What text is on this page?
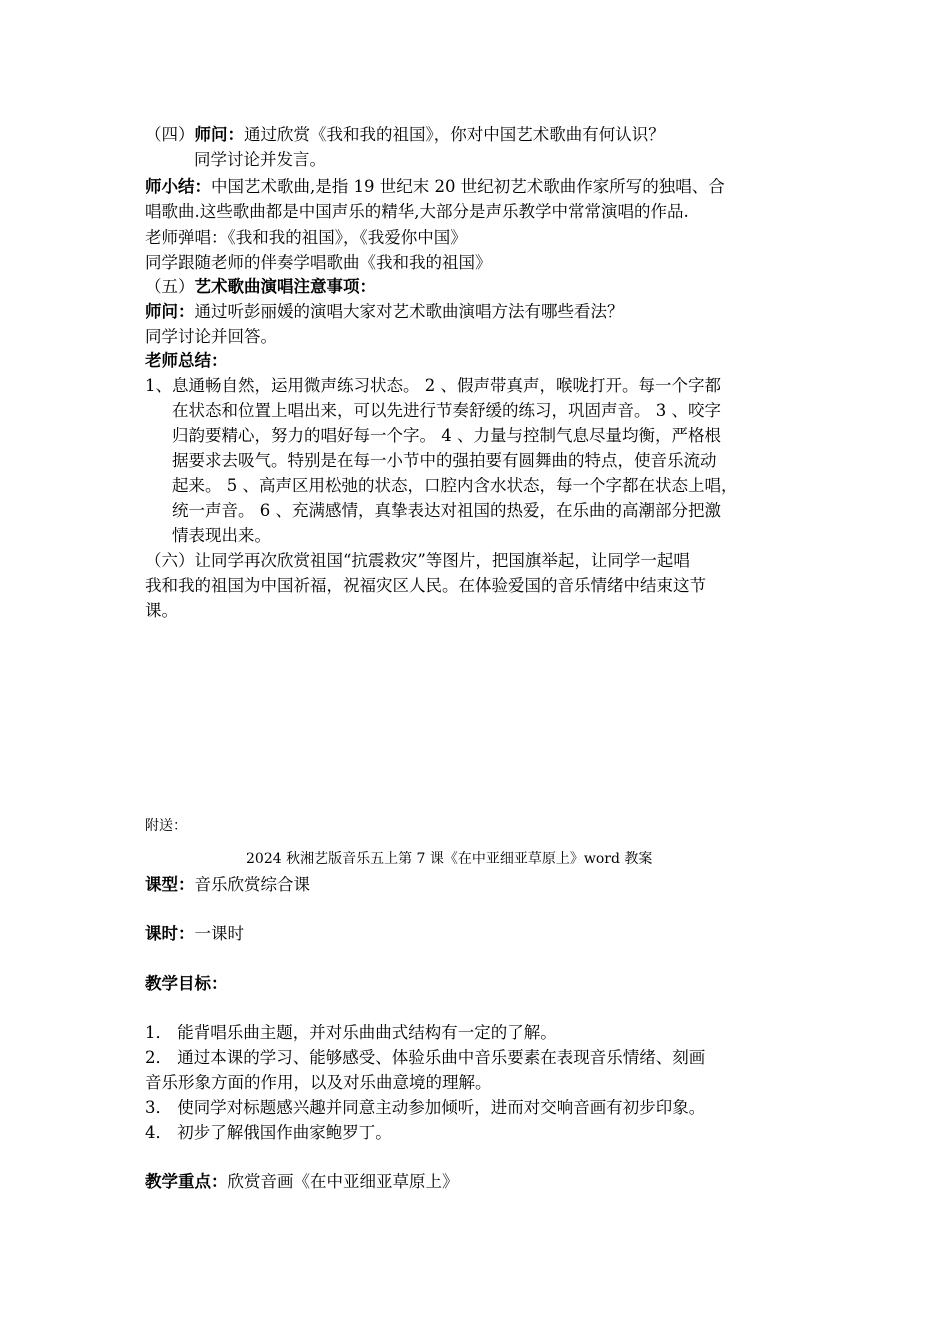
（四）师问：通过欣赏《我和我的祖国》，你对中国艺术歌曲有何认识？
同学讨论并发言。
师小结：中国艺术歌曲,是指 19 世纪末 20 世纪初艺术歌曲作家所写的独唱、合
唱歌曲.这些歌曲都是中国声乐的精华,大部分是声乐教学中常常演唱的作品.
老师弹唱：《我和我的祖国》，《我爱你中国》
同学跟随老师的伴奏学唱歌曲《我和我的祖国》
（五）艺术歌曲演唱注意事项：
师问：通过听彭丽媛的演唱大家对艺术歌曲演唱方法有哪些看法？
同学讨论并回答。
老师总结：
1、息通畅自然，运用微声练习状态。 2 、假声带真声，喉咙打开。每一个字都
在状态和位置上唱出来，可以先进行节奏舒缓的练习，巩固声音。 3 、咬字
归韵要精心，努力的唱好每一个字。 4 、力量与控制气息尽量均衡，严格根
据要求去吸气。特别是在每一小节中的强拍要有圆舞曲的特点，使音乐流动
起来。 5 、高声区用松弛的状态，口腔内含水状态，每一个字都在状态上唱，
统一声音。 6 、充满感情，真挚表达对祖国的热爱，在乐曲的高潮部分把激
情表现出来。
（六）让同学再次欣赏祖国“抗震救灾”等图片，把国旗举起，让同学一起唱
我和我的祖国为中国祈福，祝福灾区人民。在体验爱国的音乐情绪中结束这节
课。
附送：
2024 秋湘艺版音乐五上第 7 课《在中亚细亚草原上》word 教案
课型：音乐欣赏综合课
课时：一课时
教学目标：
1． 能背唱乐曲主题，并对乐曲曲式结构有一定的了解。
2． 通过本课的学习、能够感受、体验乐曲中音乐要素在表现音乐情绪、刻画
音乐形象方面的作用，以及对乐曲意境的理解。
3． 使同学对标题感兴趣并同意主动参加倾听，进而对交响音画有初步印象。
4． 初步了解俄国作曲家鲍罗丁。
教学重点：欣赏音画《在中亚细亚草原上》
